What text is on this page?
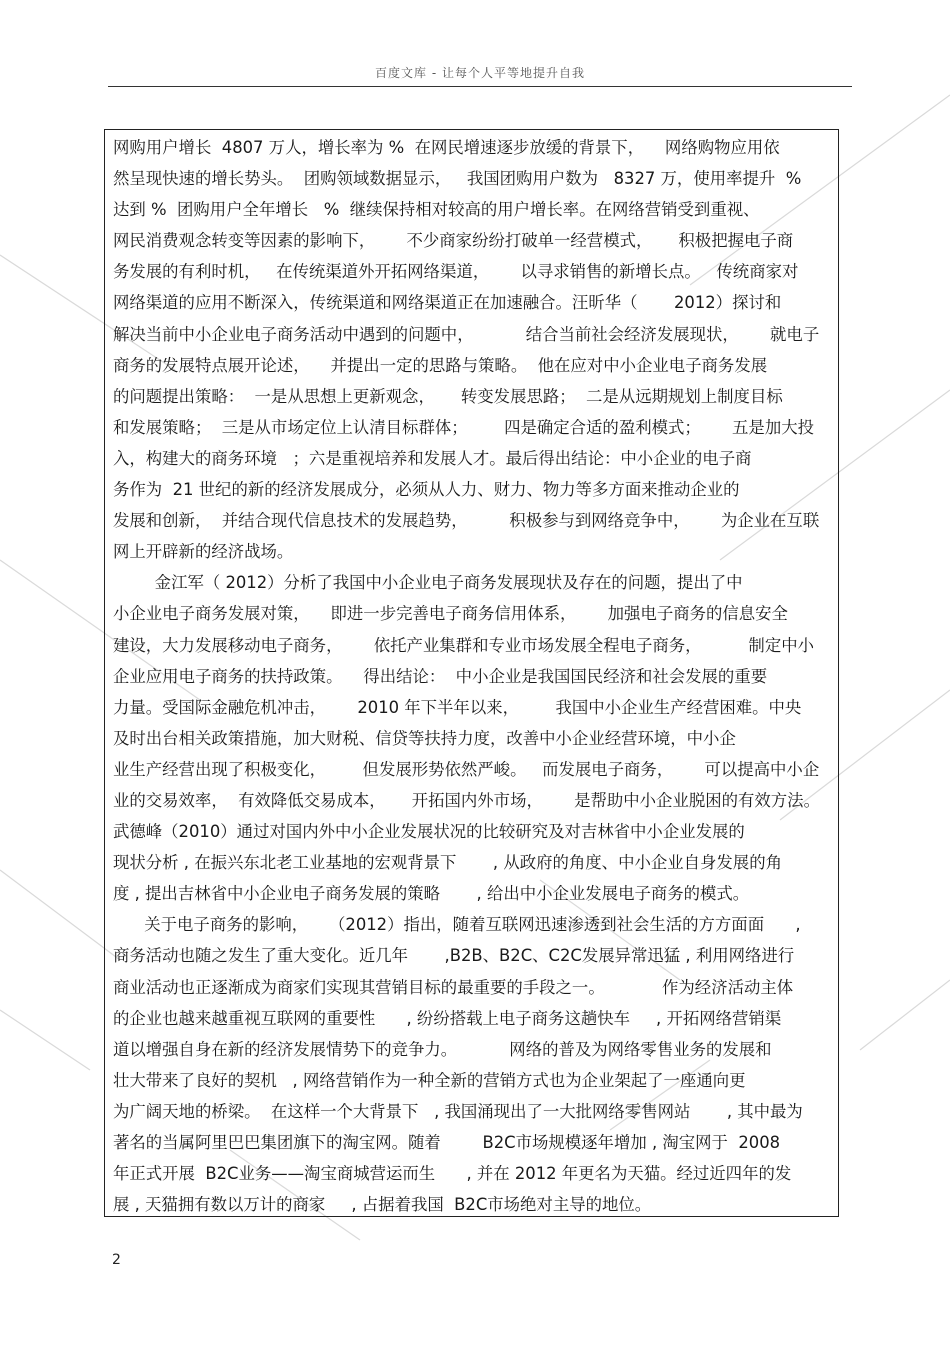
百度文库 - 让每个人平等地提升自我
网购用户增长  4807 万人，增长率为 %  在网民增速逐步放缓的背景下，    网络购物应用依
然呈现快速的增长势头。  团购领域数据显示，   我国团购用户数为   8327 万，使用率提升  %
达到 %  团购用户全年增长   %  继续保持相对较高的用户增长率。在网络营销受到重视、
网民消费观念转变等因素的影响下，      不少商家纷纷打破单一经营模式，     积极把握电子商
务发展的有利时机，   在传统渠道外开拓网络渠道，      以寻求销售的新增长点。   传统商家对
网络渠道的应用不断深入，传统渠道和网络渠道正在加速融合。汪昕华（       2012）探讨和
解决当前中小企业电子商务活动中遇到的问题中，          结合当前社会经济发展现状，      就电子
商务的发展特点展开论述，    并提出一定的思路与策略。  他在应对中小企业电子商务发展
的问题提出策略：  一是从思想上更新观念，     转变发展思路；  二是从远期规划上制度目标
和发展策略；  三是从市场定位上认清目标群体；       四是确定合适的盈利模式；      五是加大投
入，构建大的商务环境   ；六是重视培养和发展人才。最后得出结论：中小企业的电子商
务作为  21 世纪的新的经济发展成分，必须从人力、财力、物力等多方面来推动企业的
发展和创新，  并结合现代信息技术的发展趋势，        积极参与到网络竞争中，      为企业在互联
网上开辟新的经济战场。
金江军（ 2012）分析了我国中小企业电子商务发展现状及存在的问题，提出了中
小企业电子商务发展对策，    即进一步完善电子商务信用体系，      加强电子商务的信息安全
建设，大力发展移动电子商务，      依托产业集群和专业市场发展全程电子商务，         制定中小
企业应用电子商务的扶持政策。    得出结论：  中小企业是我国国民经济和社会发展的重要
力量。受国际金融危机冲击，      2010 年下半年以来，       我国中小企业生产经营困难。中央
及时出台相关政策措施，加大财税、信贷等扶持力度，改善中小企业经营环境，中小企
业生产经营出现了积极变化，       但发展形势依然严峻。   而发展电子商务，      可以提高中小企
业的交易效率，  有效降低交易成本，     开拓国内外市场，      是帮助中小企业脱困的有效方法。
武德峰（2010）通过对国内外中小企业发展状况的比较研究及对吉林省中小企业发展的
现状分析 , 在振兴东北老工业基地的宏观背景下       , 从政府的角度、中小企业自身发展的角
度 , 提出吉林省中小企业电子商务发展的策略       , 给出中小企业发展电子商务的模式。
关于电子商务的影响，    （2012）指出，随着互联网迅速渗透到社会生活的方方面面      ,
商务活动也随之发生了重大变化。近几年       ,B2B、B2C、C2C发展异常迅猛 , 利用网络进行
商业活动也正逐渐成为商家们实现其营销目标的最重要的手段之一。           作为经济活动主体
的企业也越来越重视互联网的重要性      , 纷纷搭载上电子商务这趟快车     , 开拓网络营销渠
道以增强自身在新的经济发展情势下的竞争力。          网络的普及为网络零售业务的发展和
壮大带来了良好的契机   , 网络营销作为一种全新的营销方式也为企业架起了一座通向更
为广阔天地的桥梁。  在这样一个大背景下   , 我国涌现出了一大批网络零售网站       , 其中最为
著名的当属阿里巴巴集团旗下的淘宝网。随着        B2C市场规模逐年增加 , 淘宝网于  2008
年正式开展  B2C业务——淘宝商城营运而生      , 并在 2012 年更名为天猫。经过近四年的发
展 , 天猫拥有数以万计的商家     , 占据着我国  B2C市场绝对主导的地位。
2
